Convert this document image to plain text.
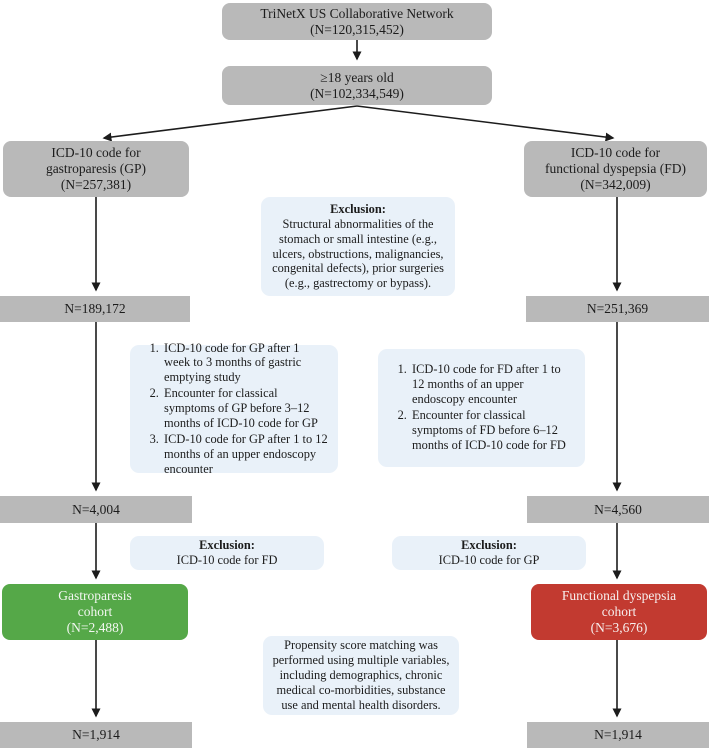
TriNetX US Collaborative Network
(N=120,315,452)
≥18 years old
(N=102,334,549)
ICD-10 code for
gastroparesis (GP)
(N=257,381)
ICD-10 code for
functional dyspepsia (FD)
(N=342,009)
Exclusion:
Structural abnormalities of the stomach or small intestine (e.g., ulcers, obstructions, malignancies, congenital defects), prior surgeries (e.g., gastrectomy or bypass).
N=189,172	N=251,369
1. ICD-10 code for GP after 1 week to 3 months of gastric emptying study
2. Encounter for classical symptoms of GP before 3–12 months of ICD-10 code for GP
3. ICD-10 code for GP after 1 to 12 months of an upper endoscopy encounter
1. ICD-10 code for FD after 1 to 12 months of an upper endoscopy encounter
2. Encounter for classical symptoms of FD before 6–12 months of ICD-10 code for FD
N=4,004	N=4,560
Exclusion:
ICD-10 code for FD
Exclusion:
ICD-10 code for GP
Gastroparesis
cohort
(N=2,488)
Functional dyspepsia
cohort
(N=3,676)
Propensity score matching was performed using multiple variables, including demographics, chronic medical co-morbidities, substance use and mental health disorders.
N=1,914	N=1,914
